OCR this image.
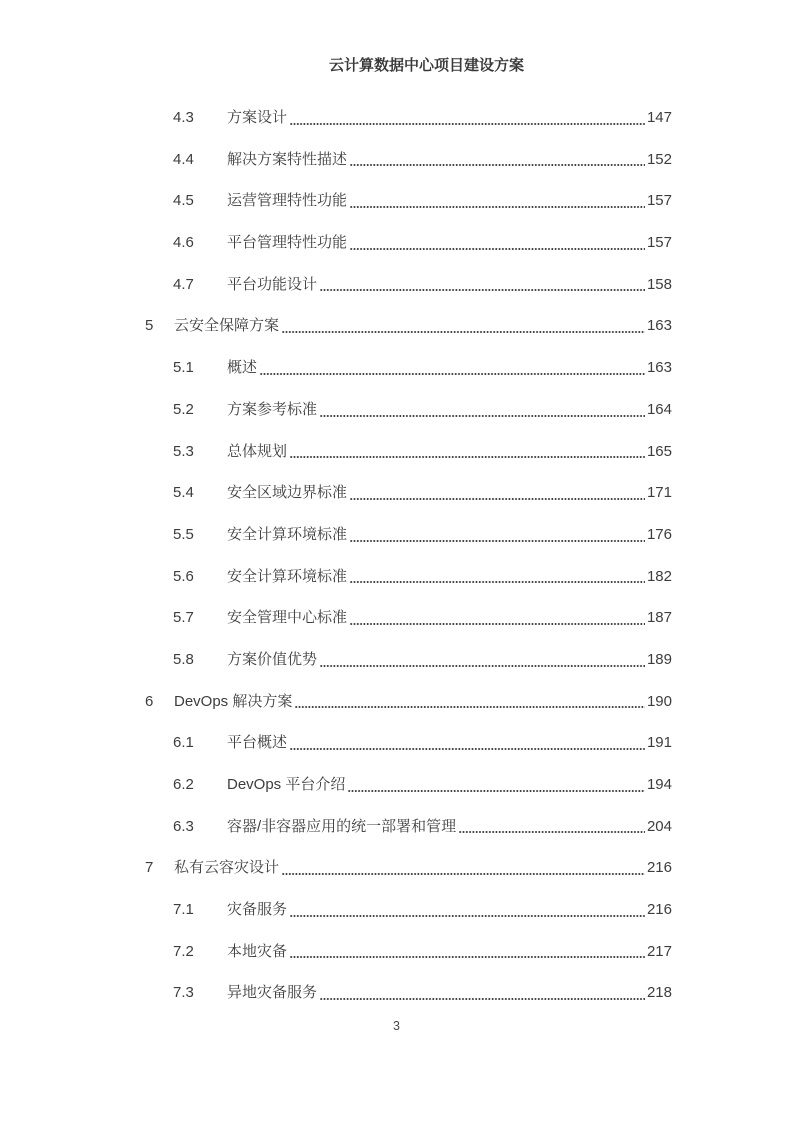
云计算数据中心项目建设方案
4.3	方案设计	147
4.4	解决方案特性描述	152
4.5	运营管理特性功能	157
4.6	平台管理特性功能	157
4.7	平台功能设计	158
5	云安全保障方案	163
5.1	概述	163
5.2	方案参考标准	164
5.3	总体规划	165
5.4	安全区域边界标准	171
5.5	安全计算环境标准	176
5.6	安全计算环境标准	182
5.7	安全管理中心标准	187
5.8	方案价值优势	189
6	DevOps 解决方案	190
6.1	平台概述	191
6.2	DevOps 平台介绍	194
6.3	容器/非容器应用的统一部署和管理	204
7	私有云容灾设计	216
7.1	灾备服务	216
7.2	本地灾备	217
7.3	异地灾备服务	218
3
